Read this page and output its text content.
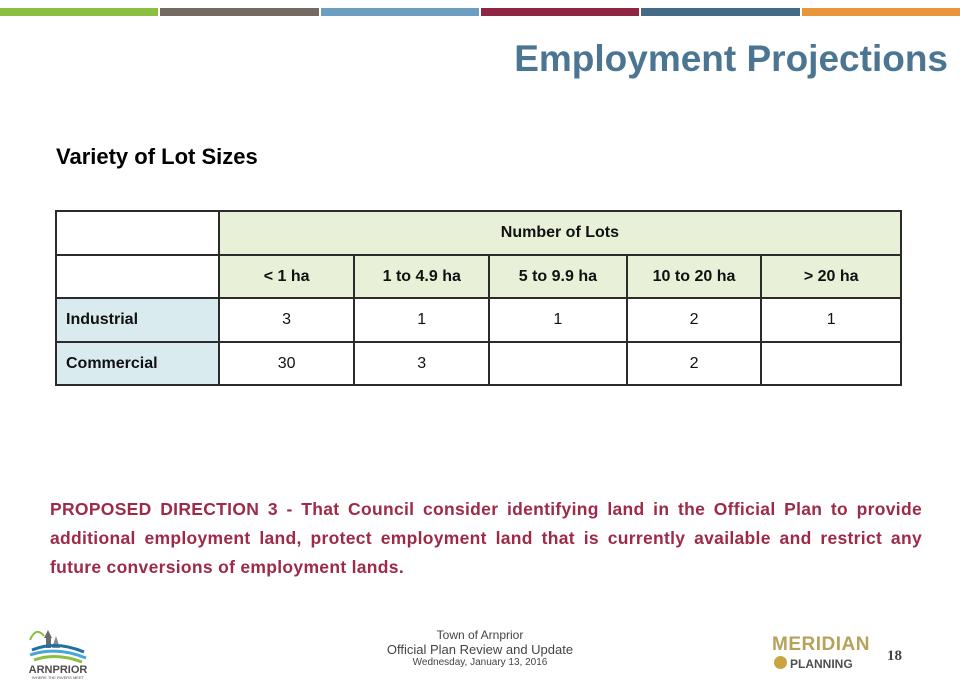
Employment Projections
Variety of Lot Sizes
	Number of Lots				
	< 1 ha	1 to 4.9 ha	5 to 9.9 ha	10 to 20 ha	> 20 ha
Industrial	3	1	1	2	1
Commercial	30	3		2	
PROPOSED DIRECTION 3 - That Council consider identifying land in the Official Plan to provide additional employment land, protect employment land that is currently available and restrict any future conversions of employment lands.
ARNPRIOR
WHERE THE RIVERS MEET
Town of Arnprior
Official Plan Review and Update
Wednesday, January 13, 2016
MERIDIAN
PLANNING 18
